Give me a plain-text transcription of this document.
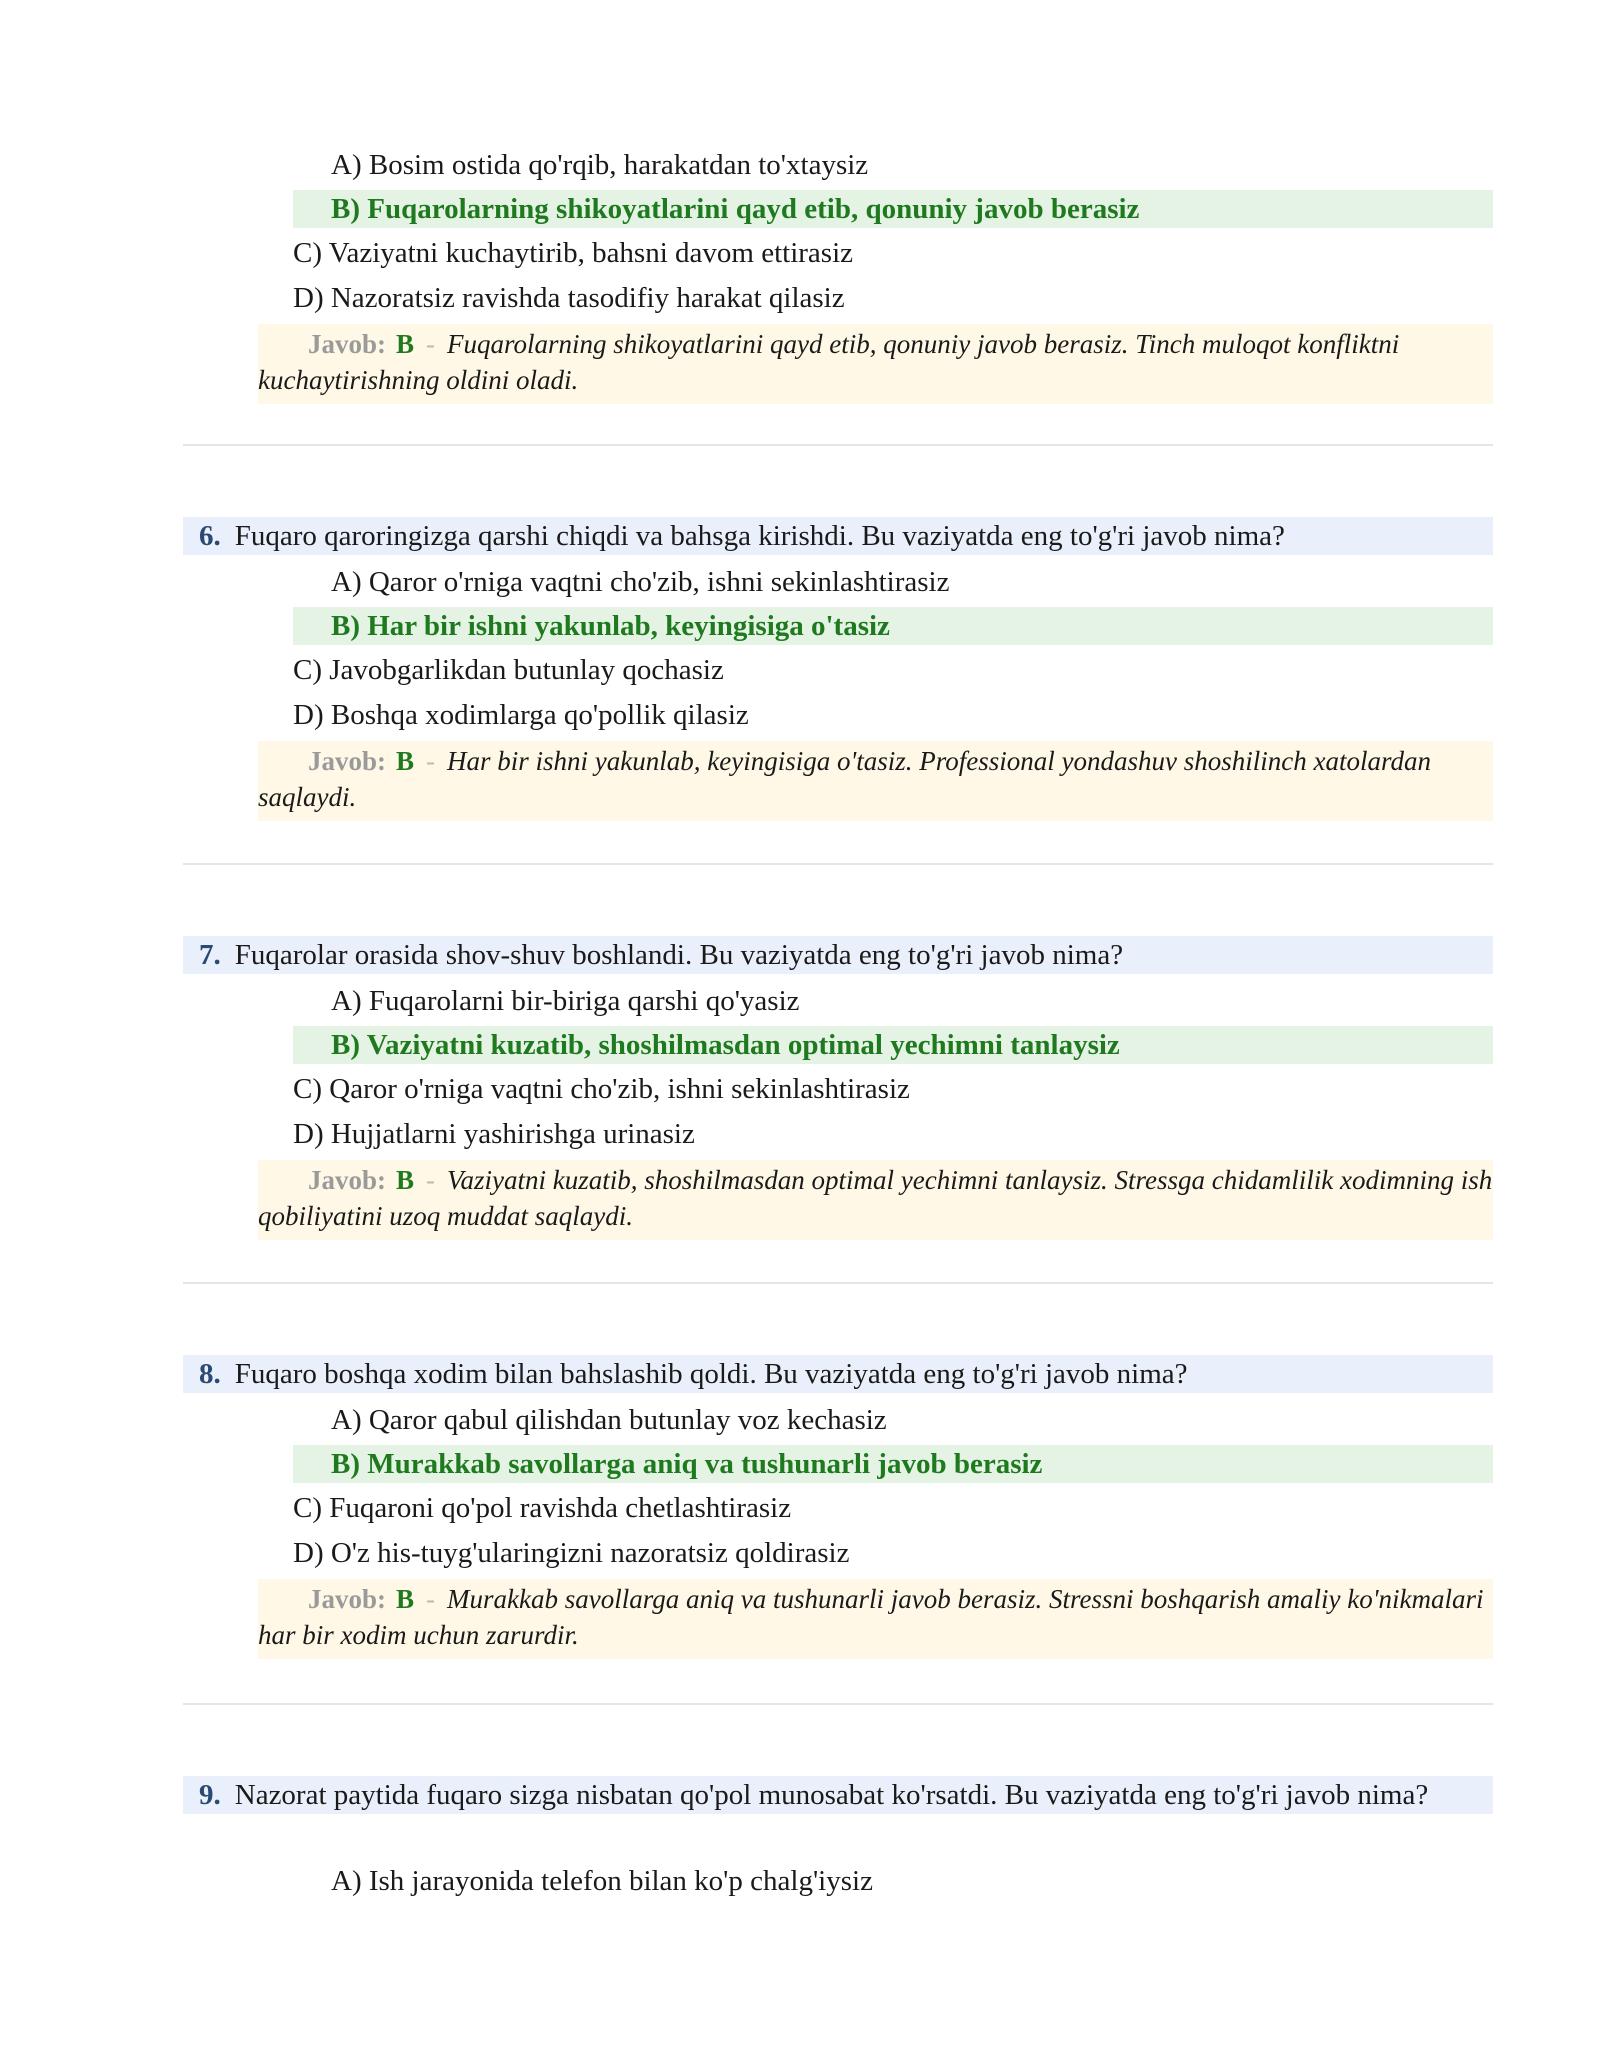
A) Bosim ostida qo'rqib, harakatdan to'xtaysiz
B) Fuqarolarning shikoyatlarini qayd etib, qonuniy javob berasiz
C) Vaziyatni kuchaytirib, bahsni davom ettirasiz
D) Nazoratsiz ravishda tasodifiy harakat qilasiz
Javob: B - Fuqarolarning shikoyatlarini qayd etib, qonuniy javob berasiz. Tinch muloqot konfliktni kuchaytirishning oldini oladi.
6. Fuqaro qaroringizga qarshi chiqdi va bahsga kirishdi. Bu vaziyatda eng to'g'ri javob nima?
A) Qaror o'rniga vaqtni cho'zib, ishni sekinlashtirasiz
B) Har bir ishni yakunlab, keyingisiga o'tasiz
C) Javobgarlikdan butunlay qochasiz
D) Boshqa xodimlarga qo'pollik qilasiz
Javob: B - Har bir ishni yakunlab, keyingisiga o'tasiz. Professional yondashuv shoshilinch xatolardan saqlaydi.
7. Fuqarolar orasida shov-shuv boshlandi. Bu vaziyatda eng to'g'ri javob nima?
A) Fuqarolarni bir-biriga qarshi qo'yasiz
B) Vaziyatni kuzatib, shoshilmasdan optimal yechimni tanlaysiz
C) Qaror o'rniga vaqtni cho'zib, ishni sekinlashtirasiz
D) Hujjatlarni yashirishga urinasiz
Javob: B - Vaziyatni kuzatib, shoshilmasdan optimal yechimni tanlaysiz. Stressga chidamlilik xodimning ish qobiliyatini uzoq muddat saqlaydi.
8. Fuqaro boshqa xodim bilan bahslashib qoldi. Bu vaziyatda eng to'g'ri javob nima?
A) Qaror qabul qilishdan butunlay voz kechasiz
B) Murakkab savollarga aniq va tushunarli javob berasiz
C) Fuqaroni qo'pol ravishda chetlashtirasiz
D) O'z his-tuyg'ularingizni nazoratsiz qoldirasiz
Javob: B - Murakkab savollarga aniq va tushunarli javob berasiz. Stressni boshqarish amaliy ko'nikmalari har bir xodim uchun zarurdir.
9. Nazorat paytida fuqaro sizga nisbatan qo'pol munosabat ko'rsatdi. Bu vaziyatda eng to'g'ri javob nima?
A) Ish jarayonida telefon bilan ko'p chalg'iysiz
